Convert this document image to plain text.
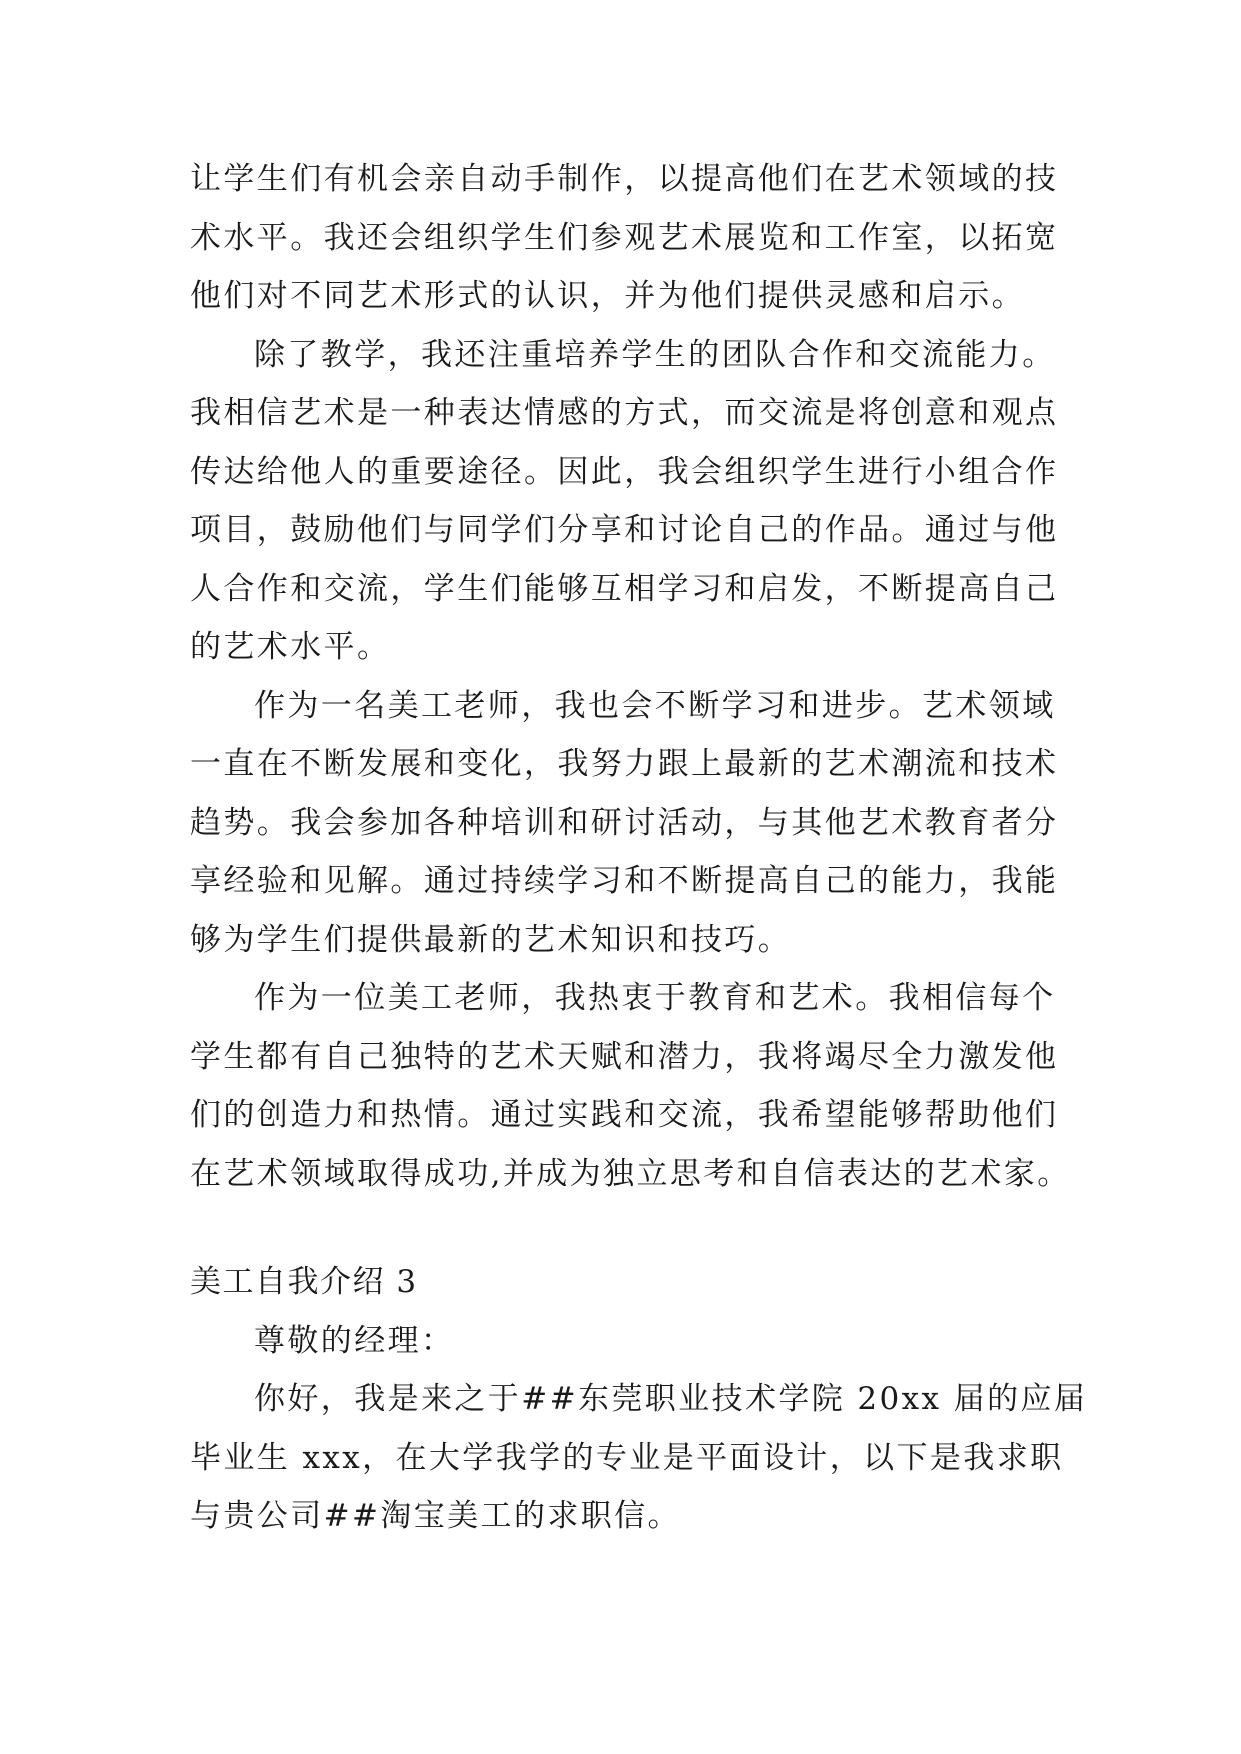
让学生们有机会亲自动手制作，以提高他们在艺术领域的技
术水平。我还会组织学生们参观艺术展览和工作室，以拓宽
他们对不同艺术形式的认识，并为他们提供灵感和启示。
除了教学，我还注重培养学生的团队合作和交流能力。
我相信艺术是一种表达情感的方式，而交流是将创意和观点
传达给他人的重要途径。因此，我会组织学生进行小组合作
项目，鼓励他们与同学们分享和讨论自己的作品。通过与他
人合作和交流，学生们能够互相学习和启发，不断提高自己
的艺术水平。
作为一名美工老师，我也会不断学习和进步。艺术领域
一直在不断发展和变化，我努力跟上最新的艺术潮流和技术
趋势。我会参加各种培训和研讨活动，与其他艺术教育者分
享经验和见解。通过持续学习和不断提高自己的能力，我能
够为学生们提供最新的艺术知识和技巧。
作为一位美工老师，我热衷于教育和艺术。我相信每个
学生都有自己独特的艺术天赋和潜力，我将竭尽全力激发他
们的创造力和热情。通过实践和交流，我希望能够帮助他们
在艺术领域取得成功,并成为独立思考和自信表达的艺术家。
美工自我介绍 3
尊敬的经理：
你好，我是来之于##东莞职业技术学院 20xx 届的应届
毕业生 xxx，在大学我学的专业是平面设计，以下是我求职
与贵公司##淘宝美工的求职信。
